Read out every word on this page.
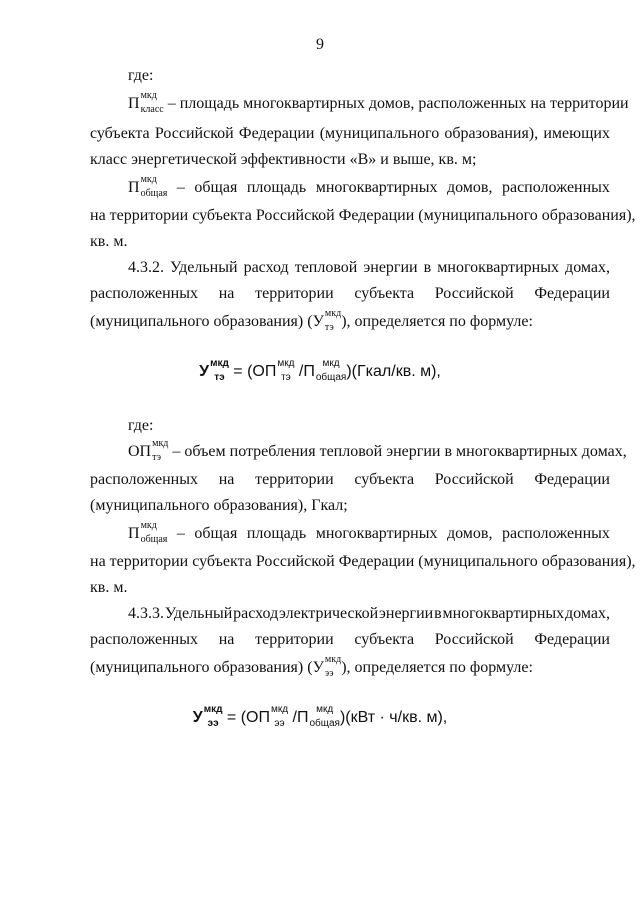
9
где:
П мкд
класс – площадь многоквартирных домов, расположенных на территории
субъекта Российской Федерации (муниципального образования), имеющих
класс энергетической эффективности «В» и выше, кв. м;
П мкд
общая – общая площадь многоквартирных домов, расположенных
на территории субъекта Российской Федерации (муниципального образования),
кв. м.
4.3.2. Удельный расход тепловой энергии в многоквартирных домах,
расположенных на территории субъекта Российской Федерации
(муниципального образования) (У мкд
тэ ), определяется по формуле:
У мкд
тэ = (ОП мкд
тэ /П мкд
общая )(Гкал/кв. м),
где:
ОП мкд
тэ – объем потребления тепловой энергии в многоквартирных домах,
расположенных на территории субъекта Российской Федерации
(муниципального образования), Гкал;
П мкд
общая – общая площадь многоквартирных домов, расположенных
на территории субъекта Российской Федерации (муниципального образования),
кв. м.
4.3.3. Удельный расход электрической энергии в многоквартирных домах,
расположенных на территории субъекта Российской Федерации
(муниципального образования) (У мкд
ээ ), определяется по формуле:
У мкд
ээ = (ОП мкд
ээ /П мкд
общая )(кВт · ч/кв. м),
